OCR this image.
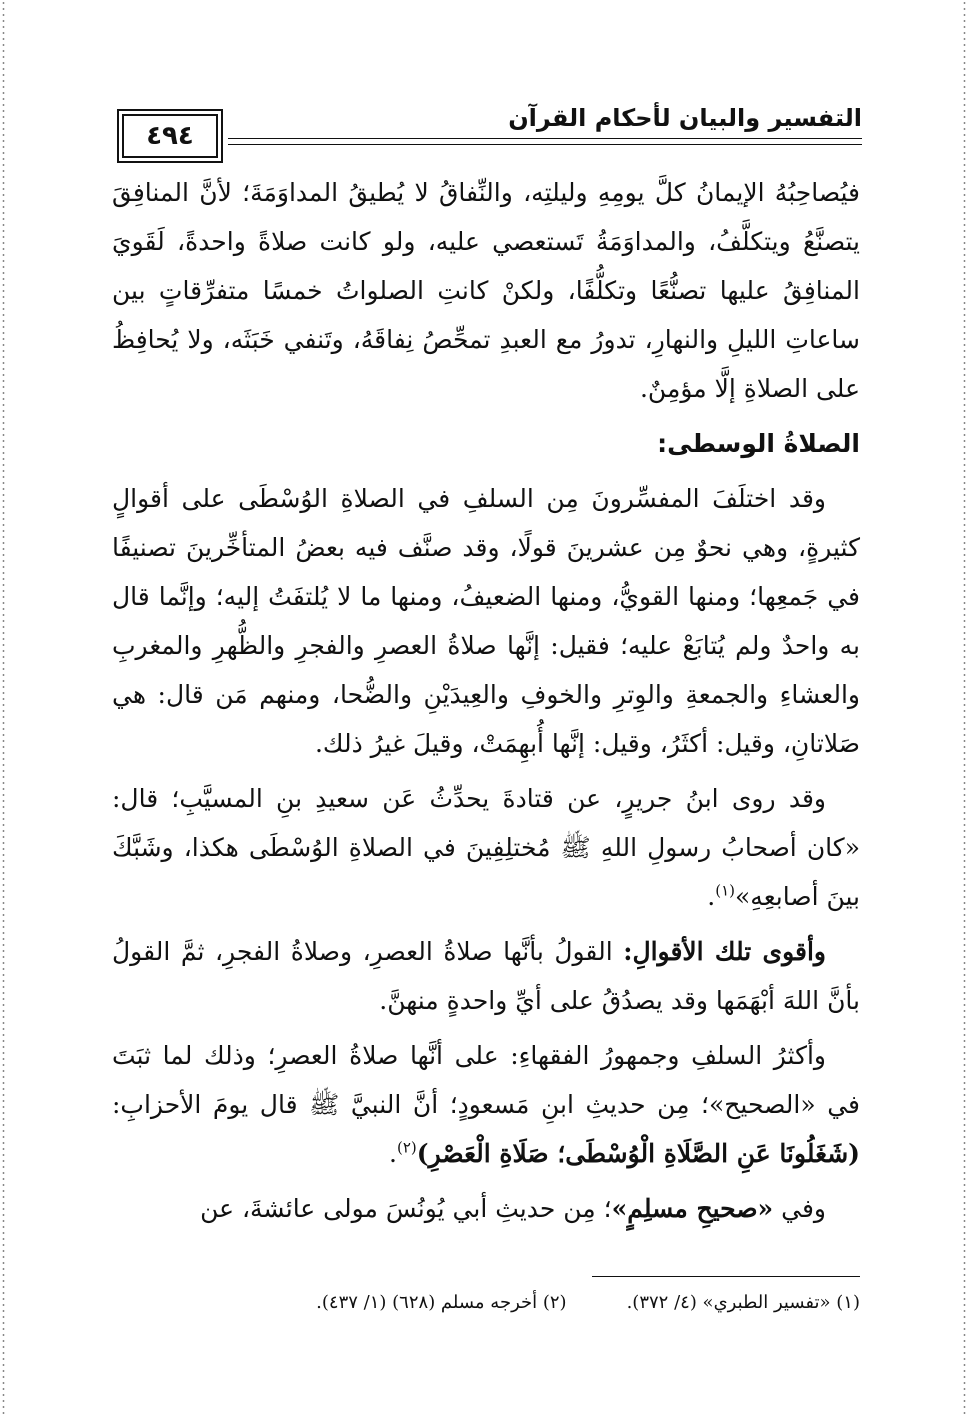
التفسير والبيان لأحكام القرآن
٤٩٤

فيُصاحِبُهُ الإيمانُ كلَّ يومِهِ وليلتِه، والنِّفاقُ لا يُطيقُ المداوَمَةَ؛ لأنَّ المنافِقَ يتصنَّعُ ويتكلَّفُ، والمداوَمَةُ تَستعصي عليه، ولو كانت صلاةً واحدةً، لَقَويَ المنافِقُ عليها تصنُّعًا وتكلُّفًا، ولكنْ كانتِ الصلواتُ خمسًا متفرِّقاتٍ بين ساعاتِ الليلِ والنهارِ، تدورُ مع العبدِ تمحِّصُ نِفاقَهُ، وتَنفي خَبَثَه، ولا يُحافِظُ على الصلاةِ إلَّا مؤمِنٌ.

الصلاةُ الوسطى:

وقد اختلَفَ المفسِّرونَ مِن السلفِ في الصلاةِ الوُسْطَى على أقوالٍ كثيرةٍ، وهي نحوٌ مِن عشرينَ قولًا، وقد صنَّف فيه بعضُ المتأخِّرينَ تصنيفًا في جَمعِها؛ ومنها القويُّ، ومنها الضعيفُ، ومنها ما لا يُلتفَتُ إليه؛ وإنَّما قال به واحدٌ ولم يُتابَعْ عليه؛ فقيل: إنَّها صلاةُ العصرِ والفجرِ والظُّهرِ والمغربِ والعشاءِ والجمعةِ والوِترِ والخوفِ والعِيدَيْنِ والضُّحا، ومنهم مَن قال: هي صَلاتانِ، وقيل: أكثَرُ، وقيل: إنَّها أُبهِمَتْ، وقيلَ غيرُ ذلك.

وقد روى ابنُ جريرٍ، عن قتادةَ يحدِّثُ عَن سعيدِ بنِ المسيَّبِ؛ قال: «كان أصحابُ رسولِ اللهِ ﷺ مُختلِفِينَ في الصلاةِ الوُسْطَى هكذا، وشَبَّكَ بينَ أصابعِهِ»$^{(١)}$.

وأقوى تلك الأقوالِ: القولُ بأنَّها صلاةُ العصرِ، وصلاةُ الفجرِ، ثمَّ القولُ بأنَّ اللهَ أبْهَمَها وقد يصدُقُ على أيِّ واحدةٍ منهنَّ.

وأكثرُ السلفِ وجمهورُ الفقهاءِ: على أنَّها صلاةُ العصرِ؛ وذلك لما ثبَتَ في «الصحيح»؛ مِن حديثِ ابنِ مَسعودٍ؛ أنَّ النبيَّ ﷺ قال يومَ الأحزابِ: (شَغَلُونَا عَنِ الصَّلَاةِ الْوُسْطَى؛ صَلَاةِ الْعَصْرِ)$^{(٢)}$.

وفي «صحيحِ مسلِمٍ»؛ مِن حديثِ أبي يُونُسَ مولى عائشةَ، عن

(١) «تفسير الطبري» (٤/ ٣٧٢).
(٢) أخرجه مسلم (٦٢٨) (١/ ٤٣٧).
